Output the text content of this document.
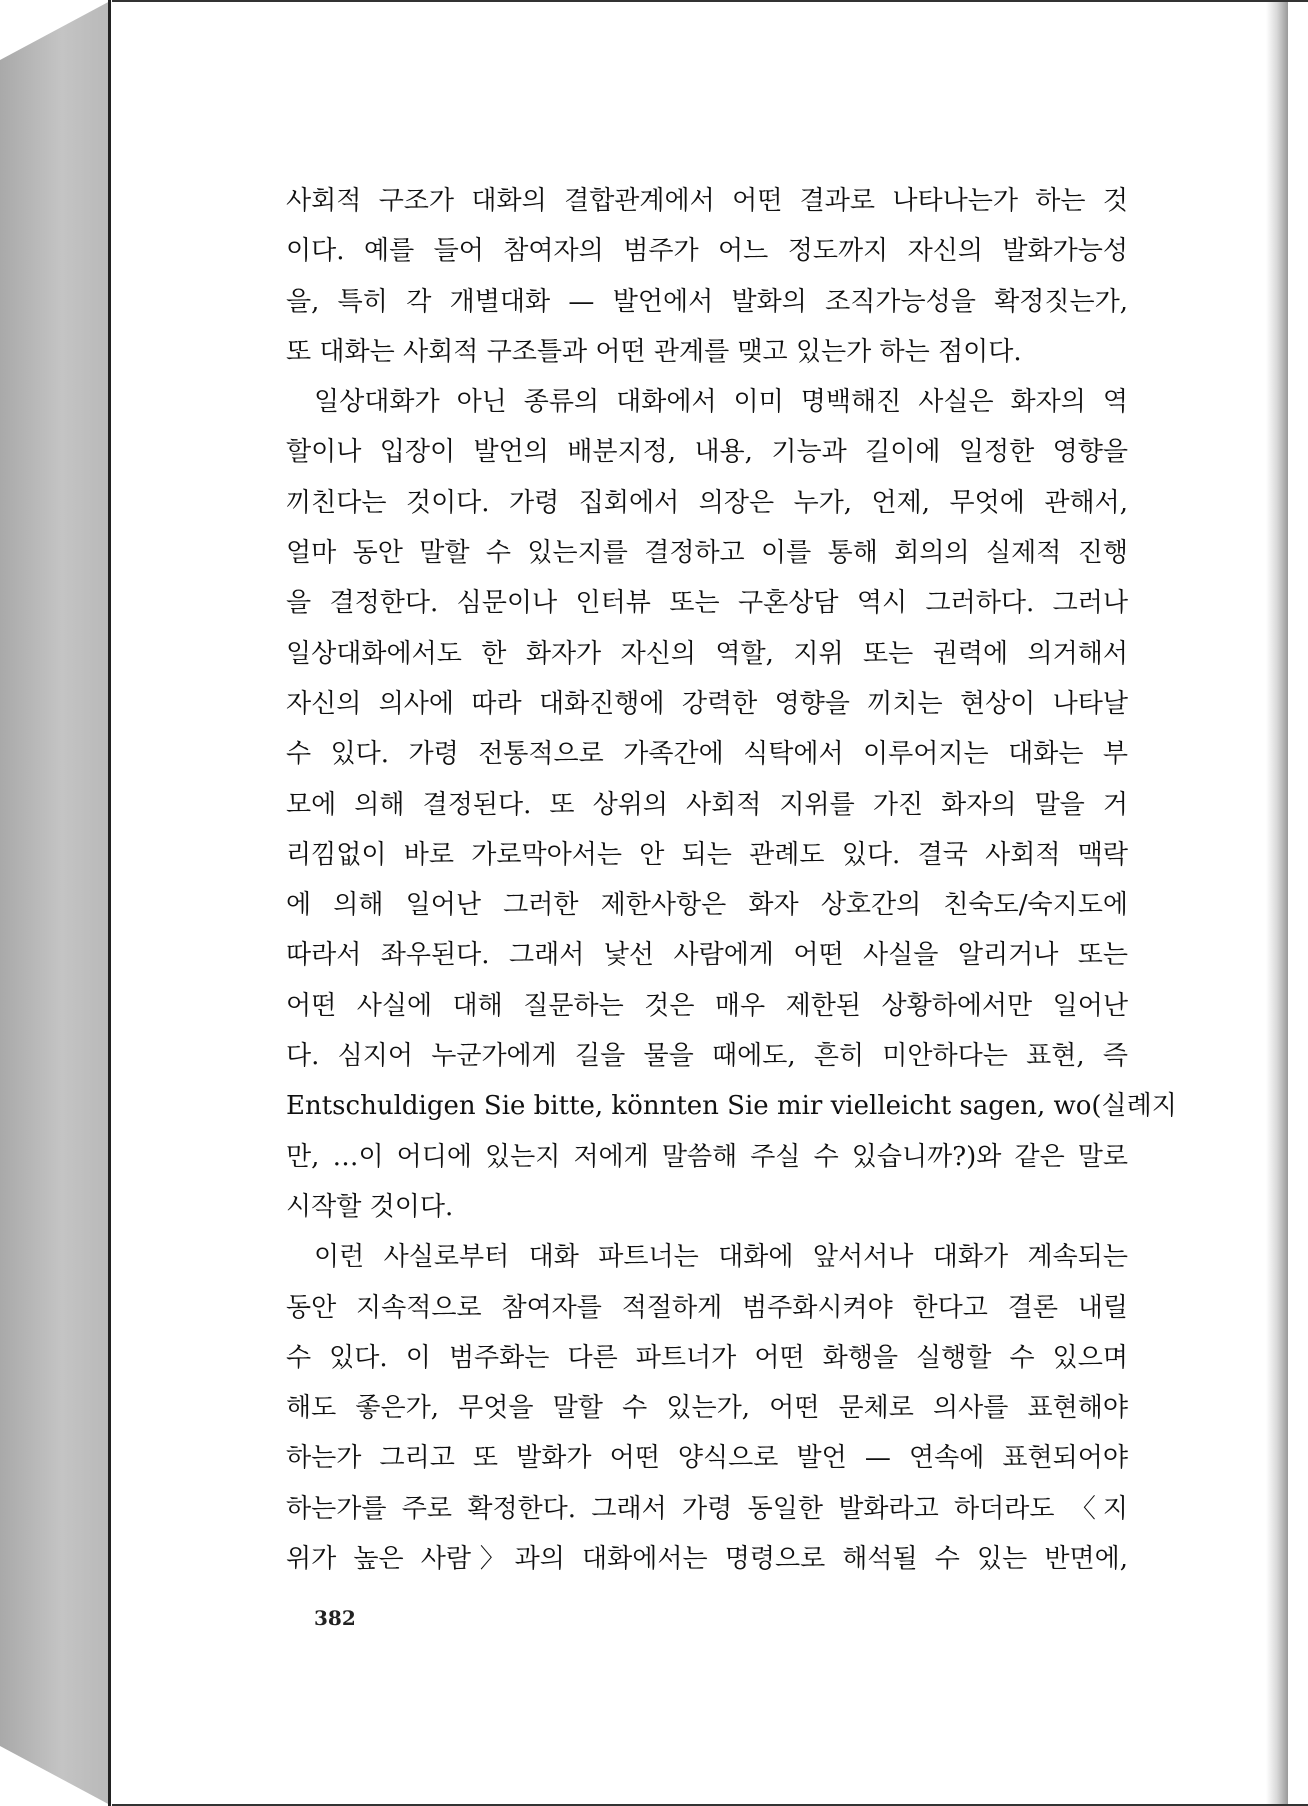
사회적 구조가 대화의 결합관계에서 어떤 결과로 나타나는가 하는 것
이다. 예를 들어 참여자의 범주가 어느 정도까지 자신의 발화가능성
을, 특히 각 개별대화 — 발언에서 발화의 조직가능성을 확정짓는가,
또 대화는 사회적 구조틀과 어떤 관계를 맺고 있는가 하는 점이다.
일상대화가 아닌 종류의 대화에서 이미 명백해진 사실은 화자의 역
할이나 입장이 발언의 배분지정, 내용, 기능과 길이에 일정한 영향을
끼친다는 것이다. 가령 집회에서 의장은 누가, 언제, 무엇에 관해서,
얼마 동안 말할 수 있는지를 결정하고 이를 통해 회의의 실제적 진행
을 결정한다. 심문이나 인터뷰 또는 구혼상담 역시 그러하다. 그러나
일상대화에서도 한 화자가 자신의 역할, 지위 또는 권력에 의거해서
자신의 의사에 따라 대화진행에 강력한 영향을 끼치는 현상이 나타날
수 있다. 가령 전통적으로 가족간에 식탁에서 이루어지는 대화는 부
모에 의해 결정된다. 또 상위의 사회적 지위를 가진 화자의 말을 거
리낌없이 바로 가로막아서는 안 되는 관례도 있다. 결국 사회적 맥락
에 의해 일어난 그러한 제한사항은 화자 상호간의 친숙도/숙지도에
따라서 좌우된다. 그래서 낯선 사람에게 어떤 사실을 알리거나 또는
어떤 사실에 대해 질문하는 것은 매우 제한된 상황하에서만 일어난
다. 심지어 누군가에게 길을 물을 때에도, 흔히 미안하다는 표현, 즉
Entschuldigen Sie bitte, könnten Sie mir vielleicht sagen, wo(실례지
만, …이 어디에 있는지 저에게 말씀해 주실 수 있습니까?)와 같은 말로
시작할 것이다.
이런 사실로부터 대화 파트너는 대화에 앞서서나 대화가 계속되는
동안 지속적으로 참여자를 적절하게 범주화시켜야 한다고 결론 내릴
수 있다. 이 범주화는 다른 파트너가 어떤 화행을 실행할 수 있으며
해도 좋은가, 무엇을 말할 수 있는가, 어떤 문체로 의사를 표현해야
하는가 그리고 또 발화가 어떤 양식으로 발언 — 연속에 표현되어야
하는가를 주로 확정한다. 그래서 가령 동일한 발화라고 하더라도 〈지
위가 높은 사람〉과의 대화에서는 명령으로 해석될 수 있는 반면에,
382
